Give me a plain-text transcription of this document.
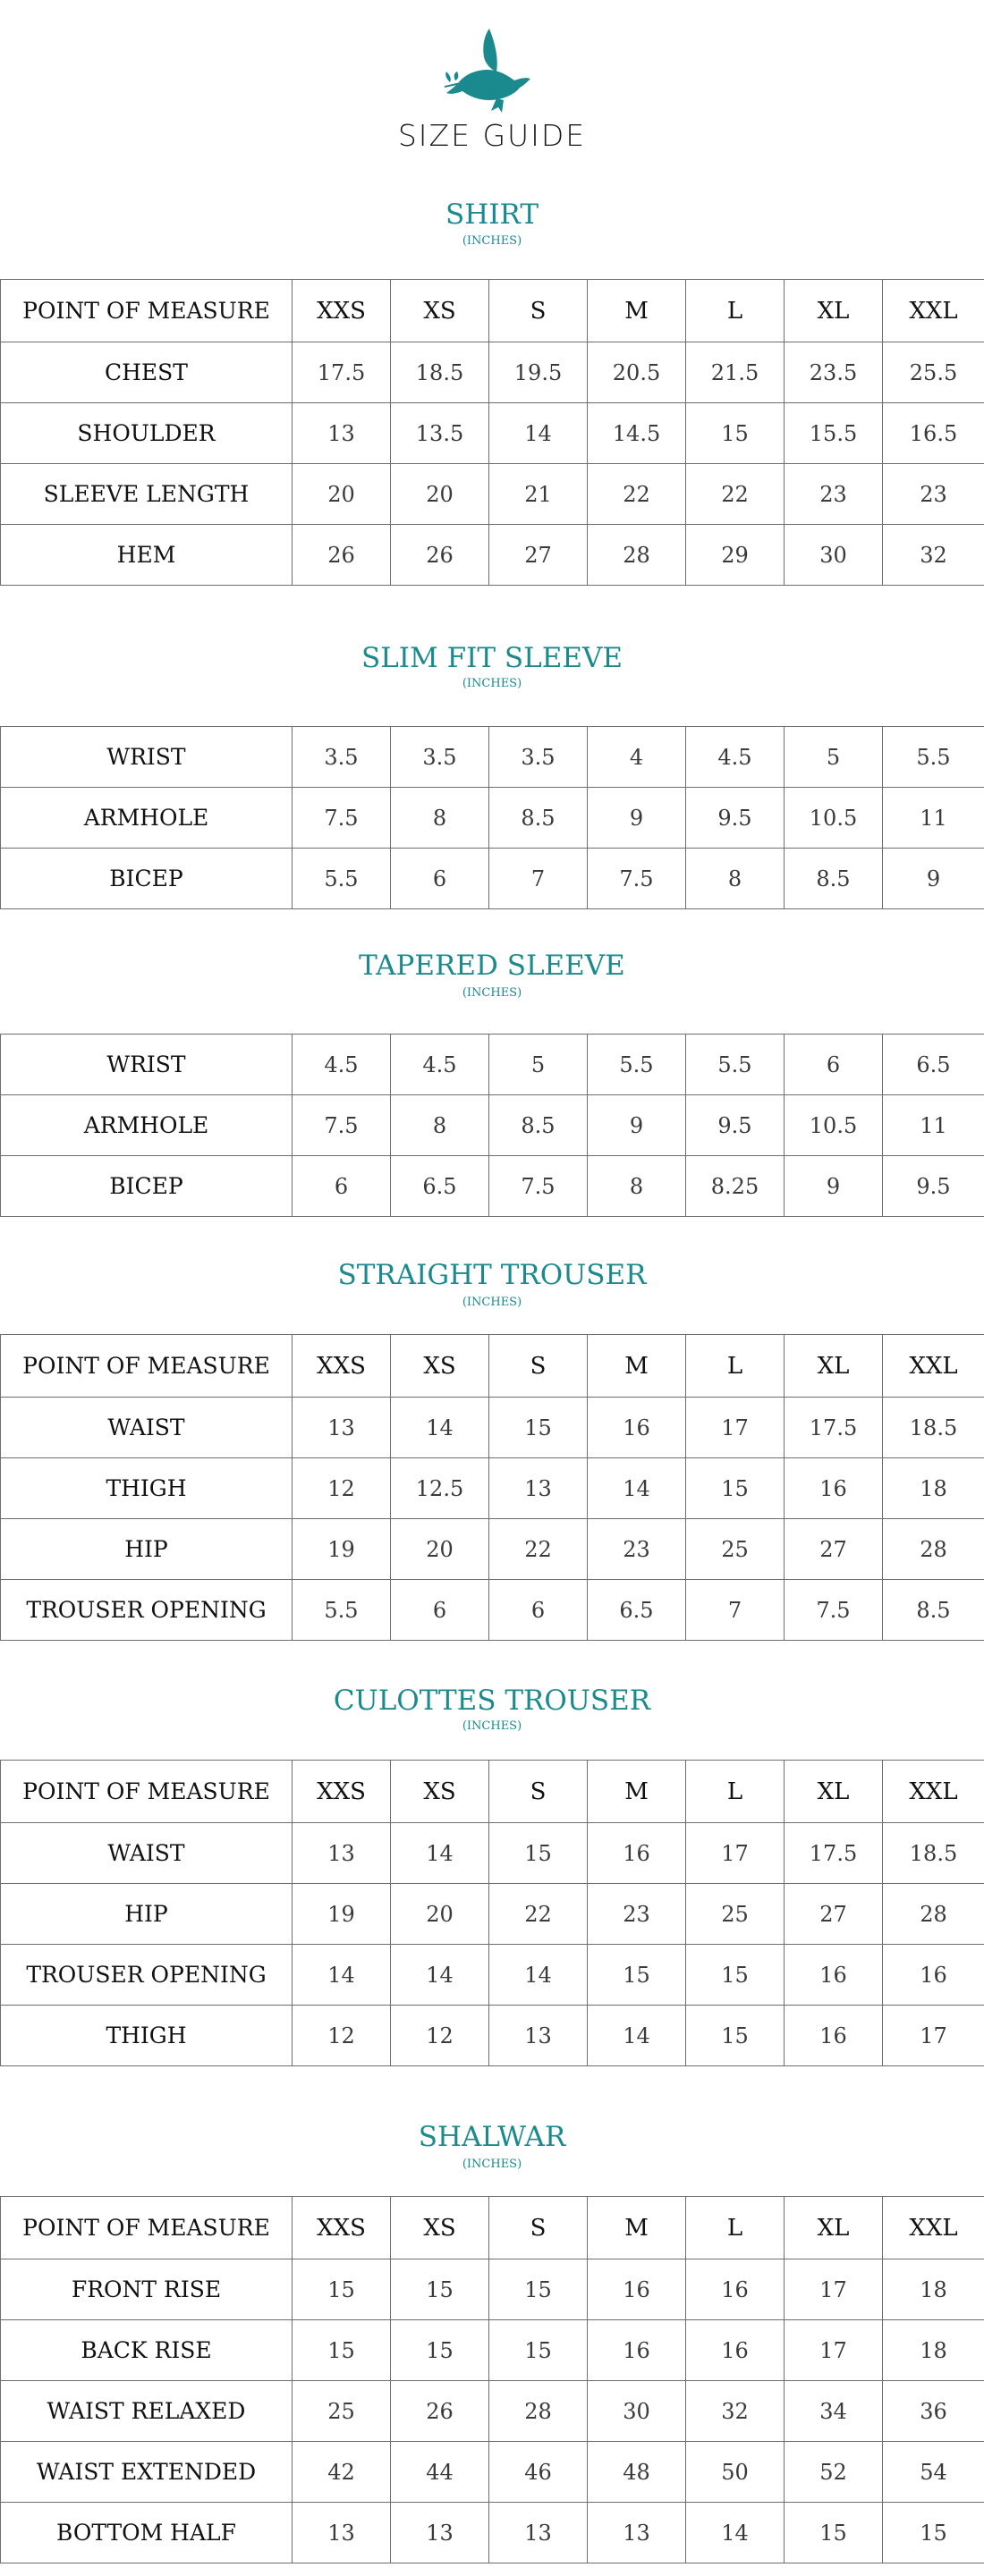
SIZE GUIDE
SHIRT
(INCHES)
POINT OF MEASURE	XXS	XS	S	M	L	XL	XXL
CHEST	17.5	18.5	19.5	20.5	21.5	23.5	25.5
SHOULDER	13	13.5	14	14.5	15	15.5	16.5
SLEEVE LENGTH	20	20	21	22	22	23	23
HEM	26	26	27	28	29	30	32
SLIM FIT SLEEVE
(INCHES)
WRIST	3.5	3.5	3.5	4	4.5	5	5.5
ARMHOLE	7.5	8	8.5	9	9.5	10.5	11
BICEP	5.5	6	7	7.5	8	8.5	9
TAPERED SLEEVE
(INCHES)
WRIST	4.5	4.5	5	5.5	5.5	6	6.5
ARMHOLE	7.5	8	8.5	9	9.5	10.5	11
BICEP	6	6.5	7.5	8	8.25	9	9.5
STRAIGHT TROUSER
(INCHES)
POINT OF MEASURE	XXS	XS	S	M	L	XL	XXL
WAIST	13	14	15	16	17	17.5	18.5
THIGH	12	12.5	13	14	15	16	18
HIP	19	20	22	23	25	27	28
TROUSER OPENING	5.5	6	6	6.5	7	7.5	8.5
CULOTTES TROUSER
(INCHES)
POINT OF MEASURE	XXS	XS	S	M	L	XL	XXL
WAIST	13	14	15	16	17	17.5	18.5
HIP	19	20	22	23	25	27	28
TROUSER OPENING	14	14	14	15	15	16	16
THIGH	12	12	13	14	15	16	17
SHALWAR
(INCHES)
POINT OF MEASURE	XXS	XS	S	M	L	XL	XXL
FRONT RISE	15	15	15	16	16	17	18
BACK RISE	15	15	15	16	16	17	18
WAIST RELAXED	25	26	28	30	32	34	36
WAIST EXTENDED	42	44	46	48	50	52	54
BOTTOM HALF	13	13	13	13	14	15	15
